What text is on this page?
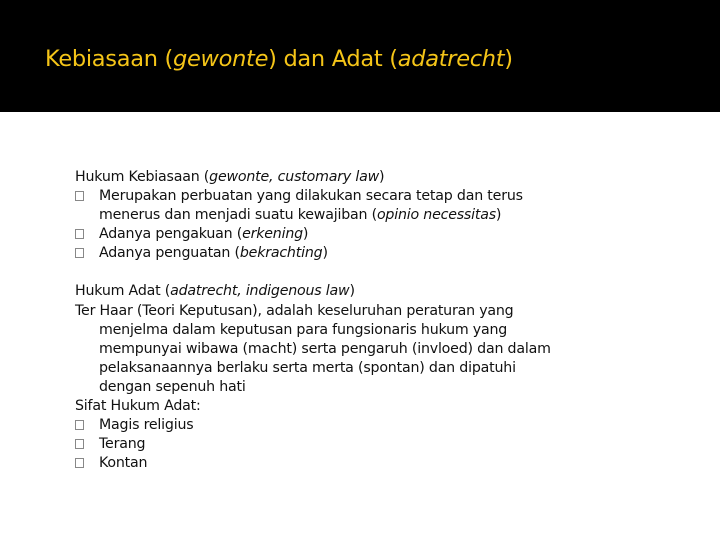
Kebiasaan (gewonte) dan Adat (adatrecht)
Hukum Kebiasaan (gewonte, customary law)
Merupakan perbuatan yang dilakukan secara tetap dan terus
menerus dan menjadi suatu kewajiban (opinio necessitas)
Adanya pengakuan (erkening)
Adanya penguatan (bekrachting)
Hukum Adat (adatrecht, indigenous law)
Ter Haar (Teori Keputusan), adalah keseluruhan peraturan yang
menjelma dalam keputusan para fungsionaris hukum yang
mempunyai wibawa (macht) serta pengaruh (invloed) dan dalam
pelaksanaannya berlaku serta merta (spontan) dan dipatuhi
dengan sepenuh hati
Sifat Hukum Adat:
Magis religius
Terang
Kontan
